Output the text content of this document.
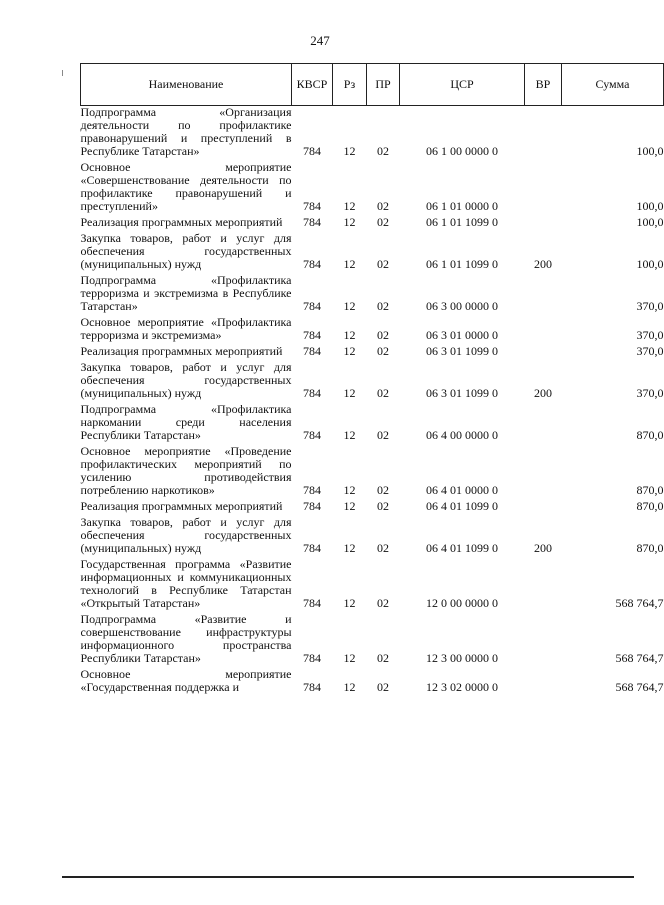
247
Наименование	КВСР	Рз	ПР	ЦСР	ВР	Сумма
Подпрограмма «Организация деятельности по профилактике правонарушений и преступлений в Республике Татарстан»	784	12	02	06 1 00 0000 0		100,0
Основное мероприятие «Совершенствование деятельности по профилактике правонарушений и преступлений»	784	12	02	06 1 01 0000 0		100,0
Реализация программных мероприятий	784	12	02	06 1 01 1099 0		100,0
Закупка товаров, работ и услуг для обеспечения государственных (муниципальных) нужд	784	12	02	06 1 01 1099 0	200	100,0
Подпрограмма «Профилактика терроризма и экстремизма в Республике Татарстан»	784	12	02	06 3 00 0000 0		370,0
Основное мероприятие «Профилактика терроризма и экстремизма»	784	12	02	06 3 01 0000 0		370,0
Реализация программных мероприятий	784	12	02	06 3 01 1099 0		370,0
Закупка товаров, работ и услуг для обеспечения государственных (муниципальных) нужд	784	12	02	06 3 01 1099 0	200	370,0
Подпрограмма «Профилактика наркомании среди населения Республики Татарстан»	784	12	02	06 4 00 0000 0		870,0
Основное мероприятие «Проведение профилактических мероприятий по усилению противодействия потреблению наркотиков»	784	12	02	06 4 01 0000 0		870,0
Реализация программных мероприятий	784	12	02	06 4 01 1099 0		870,0
Закупка товаров, работ и услуг для обеспечения государственных (муниципальных) нужд	784	12	02	06 4 01 1099 0	200	870,0
Государственная программа «Развитие информационных и коммуникационных технологий в Республике Татарстан «Открытый Татарстан»	784	12	02	12 0 00 0000 0		568 764,7
Подпрограмма «Развитие и совершенствование инфраструктуры информационного пространства Республики Татарстан»	784	12	02	12 3 00 0000 0		568 764,7
Основное мероприятие «Государственная поддержка и	784	12	02	12 3 02 0000 0		568 764,7
